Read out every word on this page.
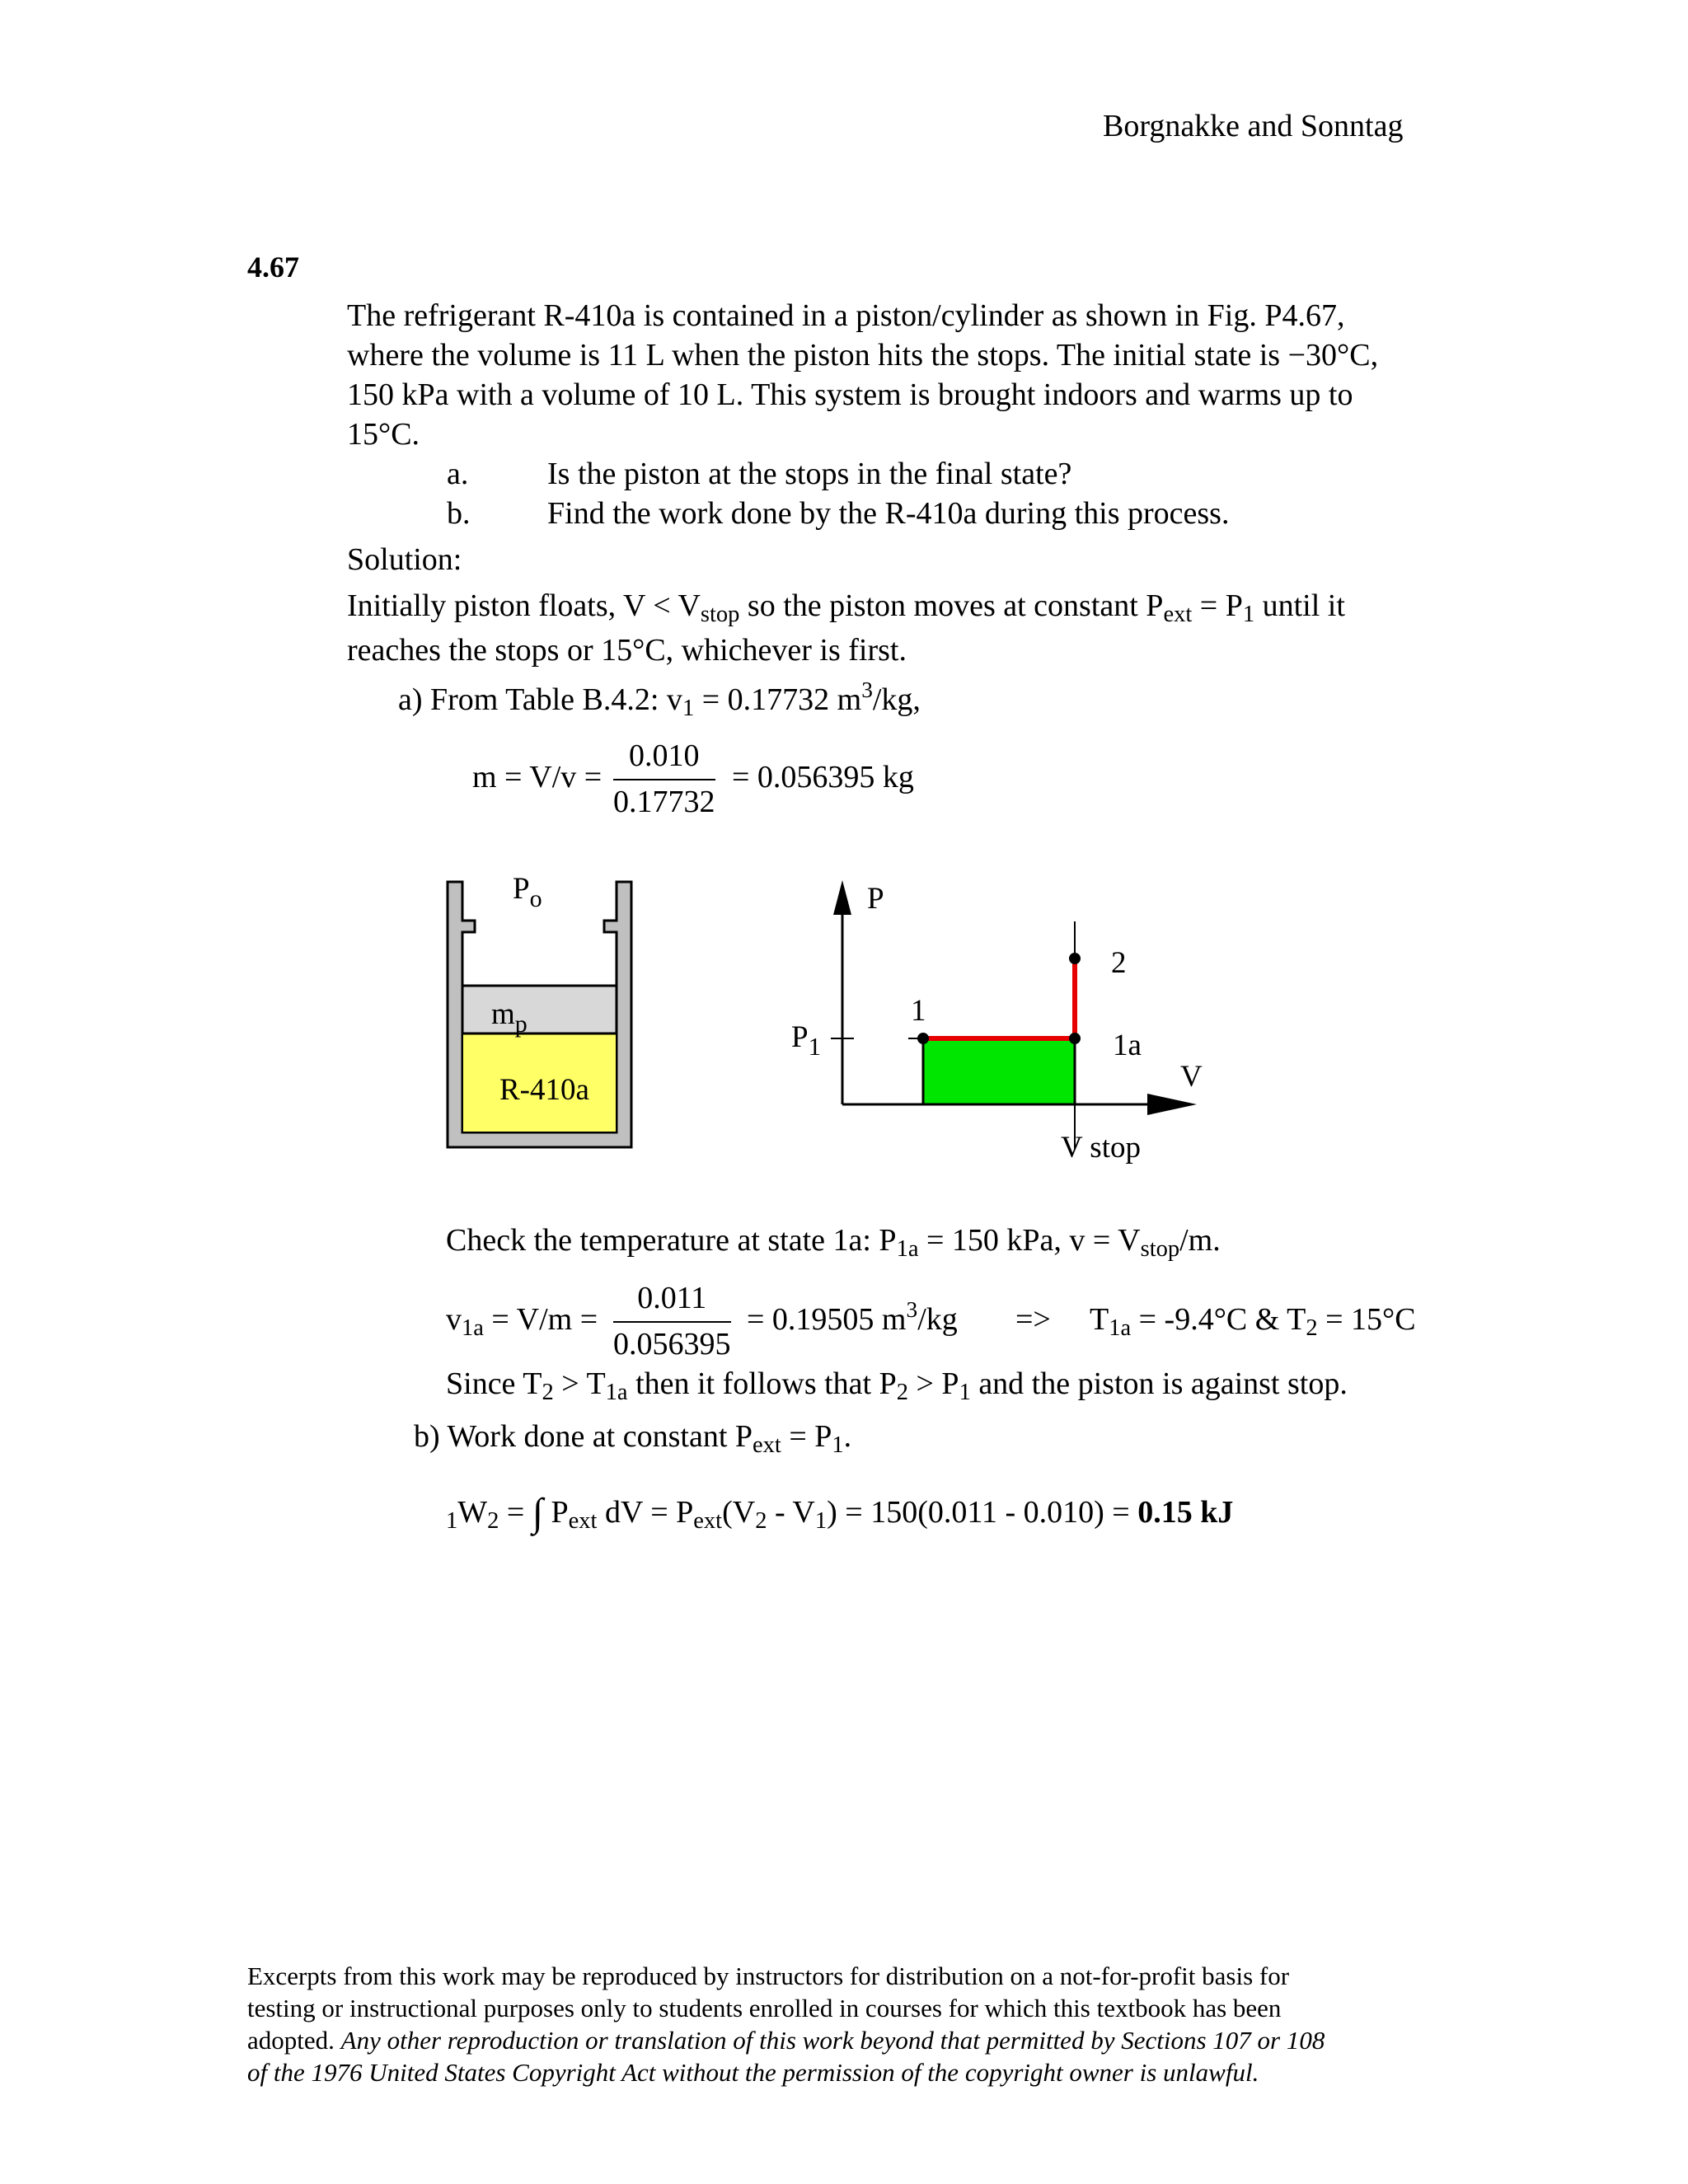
Borgnakke and Sonntag
4.67
The refrigerant R-410a is contained in a piston/cylinder as shown in Fig. P4.67,
where the volume is 11 L when the piston hits the stops. The initial state is −30°C,
150 kPa with a volume of 10 L. This system is brought indoors and warms up to
15°C.
a.	Is the piston at the stops in the final state?
b. Find the work done by the R-410a during this process.
Solution:
Initially piston floats, $V < V_{stop}$ so the piston moves at constant $P_{ext} = P_1$ until it
reaches the stops or 15°C, whichever is first.
a) From Table B.4.2: $v_1 = 0.17732$ $m^3/kg$,
$m = V/v = \frac{0.010}{0.17732} = 0.056395$ kg
$P_o$
$m_p$
R-410a
P
V
$P_1$
1
1a
2
V stop
Check the temperature at state 1a: $P_{1a} = 150$ kPa, $v = V_{stop}/m$.
$v_{1a} = V/m = \frac{0.011}{0.056395} = 0.19505$ $m^3/kg => T_{1a} = -9.4^\circ C$ & $T_2 = 15^\circ C$
Since $T_2 > T_{1a}$ then it follows that $P_2 > P_1$ and the piston is against stop.
b) Work done at constant $P_{ext} = P_1$.
$_1W_2$ = ∫ $P_{ext}$ dV = $P_{ext}(V_2 - V_1) = 150(0.011 - 0.010) = 0.15$ kJ
Excerpts from this work may be reproduced by instructors for distribution on a not-for-profit basis for
testing or instructional purposes only to students enrolled in courses for which this textbook has been
adopted. Any other reproduction or translation of this work beyond that permitted by Sections 107 or 108
of the 1976 United States Copyright Act without the permission of the copyright owner is unlawful.
